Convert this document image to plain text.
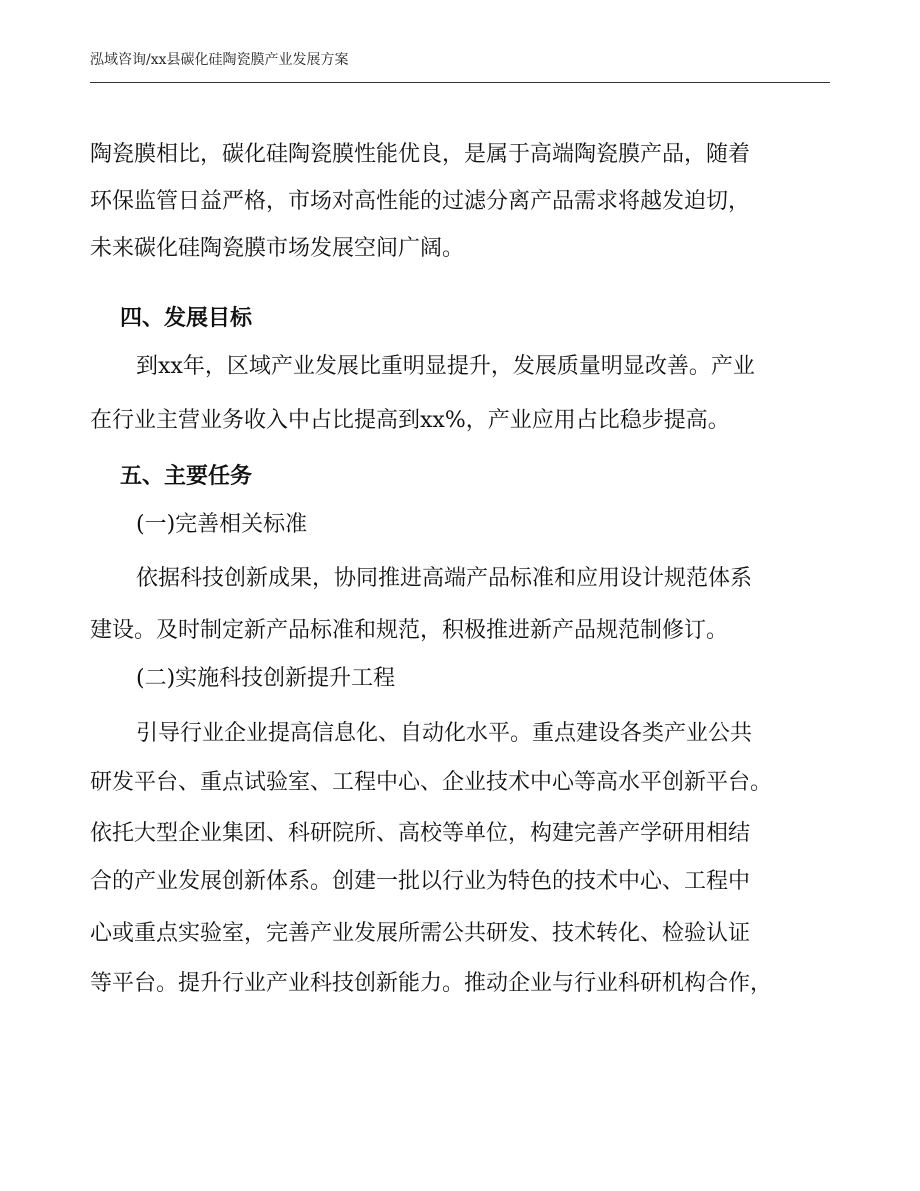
泓域咨询/xx县碳化硅陶瓷膜产业发展方案
陶瓷膜相比，碳化硅陶瓷膜性能优良，是属于高端陶瓷膜产品，随着
环保监管日益严格，市场对高性能的过滤分离产品需求将越发迫切，
未来碳化硅陶瓷膜市场发展空间广阔。
四、发展目标
到xx年，区域产业发展比重明显提升，发展质量明显改善。产业
在行业主营业务收入中占比提高到xx%，产业应用占比稳步提高。
五、主要任务
(一)完善相关标准
依据科技创新成果，协同推进高端产品标准和应用设计规范体系
建设。及时制定新产品标准和规范，积极推进新产品规范制修订。
(二)实施科技创新提升工程
引导行业企业提高信息化、自动化水平。重点建设各类产业公共
研发平台、重点试验室、工程中心、企业技术中心等高水平创新平台。
依托大型企业集团、科研院所、高校等单位，构建完善产学研用相结
合的产业发展创新体系。创建一批以行业为特色的技术中心、工程中
心或重点实验室，完善产业发展所需公共研发、技术转化、检验认证
等平台。提升行业产业科技创新能力。推动企业与行业科研机构合作，
